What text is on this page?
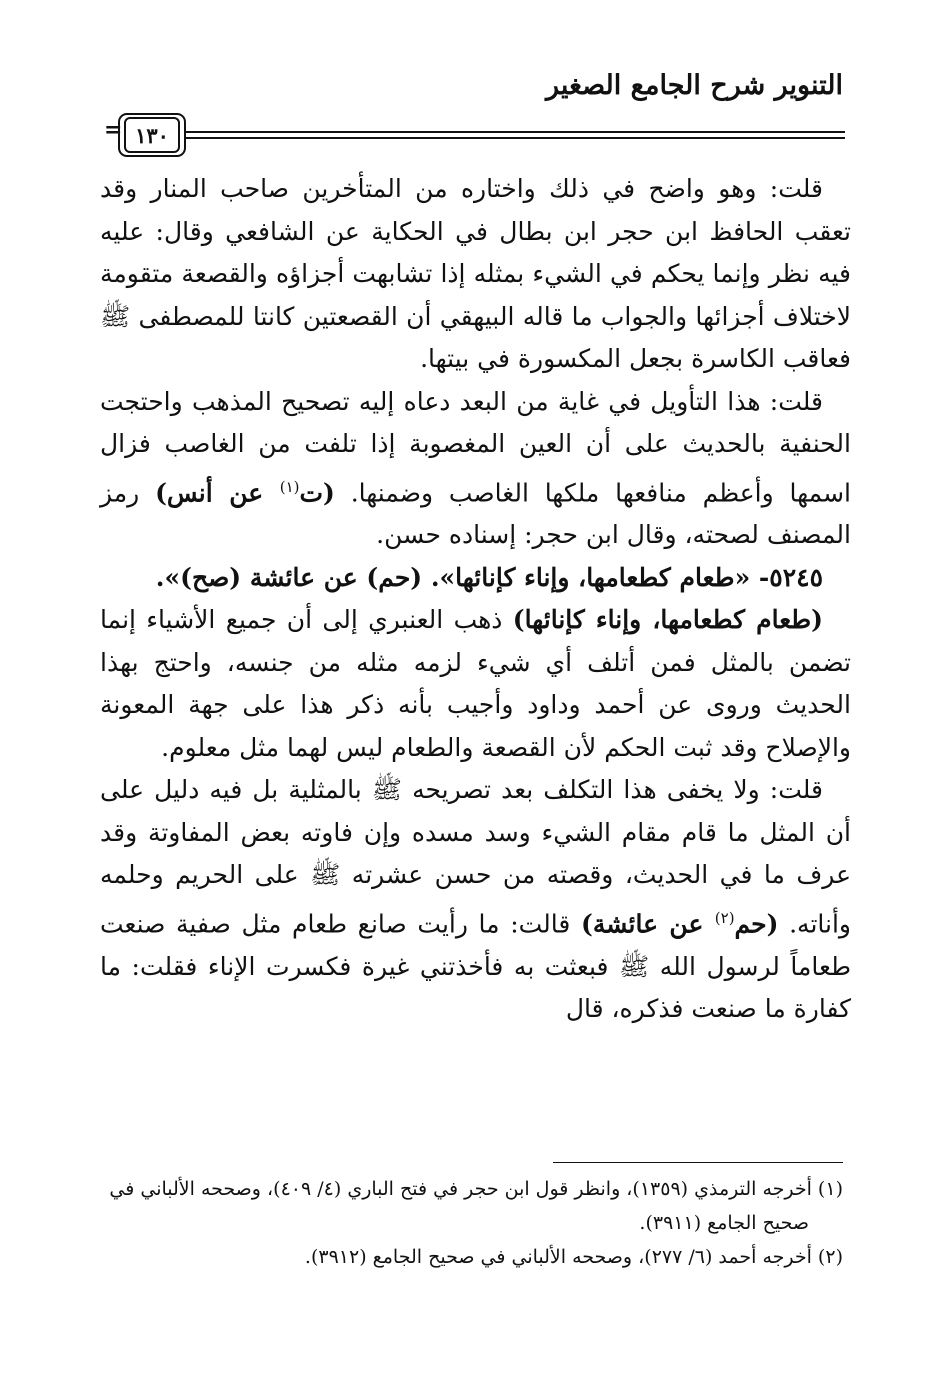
التنوير شرح الجامع الصغير
= ١٣٠

قلت: وهو واضح في ذلك واختاره من المتأخرين صاحب المنار وقد تعقب الحافظ ابن حجر ابن بطال في الحكاية عن الشافعي وقال: عليه فيه نظر وإنما يحكم في الشيء بمثله إذا تشابهت أجزاؤه والقصعة متقومة لاختلاف أجزائها والجواب ما قاله البيهقي أن القصعتين كانتا للمصطفى ﷺ فعاقب الكاسرة بجعل المكسورة في بيتها.

قلت: هذا التأويل في غاية من البعد دعاه إليه تصحيح المذهب واحتجت الحنفية بالحديث على أن العين المغصوبة إذا تلفت من الغاصب فزال اسمها وأعظم منافعها ملكها الغاصب وضمنها. (ت$^{(١)}$ عن أنس) رمز المصنف لصحته، وقال ابن حجر: إسناده حسن.

٥٢٤٥- «طعام كطعامها، وإناء كإنائها». (حم) عن عائشة (صح)».

(طعام كطعامها، وإناء كإنائها) ذهب العنبري إلى أن جميع الأشياء إنما تضمن بالمثل فمن أتلف أي شيء لزمه مثله من جنسه، واحتج بهذا الحديث وروى عن أحمد وداود وأجيب بأنه ذكر هذا على جهة المعونة والإصلاح وقد ثبت الحكم لأن القصعة والطعام ليس لهما مثل معلوم.

قلت: ولا يخفى هذا التكلف بعد تصريحه ﷺ بالمثلية بل فيه دليل على أن المثل ما قام مقام الشيء وسد مسده وإن فاوته بعض المفاوتة وقد عرف ما في الحديث، وقصته من حسن عشرته ﷺ على الحريم وحلمه وأناته. (حم$^{(٢)}$ عن عائشة) قالت: ما رأيت صانع طعام مثل صفية صنعت طعاماً لرسول الله ﷺ فبعثت به فأخذتني غيرة فكسرت الإناء فقلت: ما كفارة ما صنعت فذكره، قال

(١) أخرجه الترمذي (١٣٥٩)، وانظر قول ابن حجر في فتح الباري (٤/ ٤٠٩)، وصححه الألباني في

صحيح الجامع (٣٩١١).

(٢) أخرجه أحمد (٦/ ٢٧٧)، وصححه الألباني في صحيح الجامع (٣٩١٢).
